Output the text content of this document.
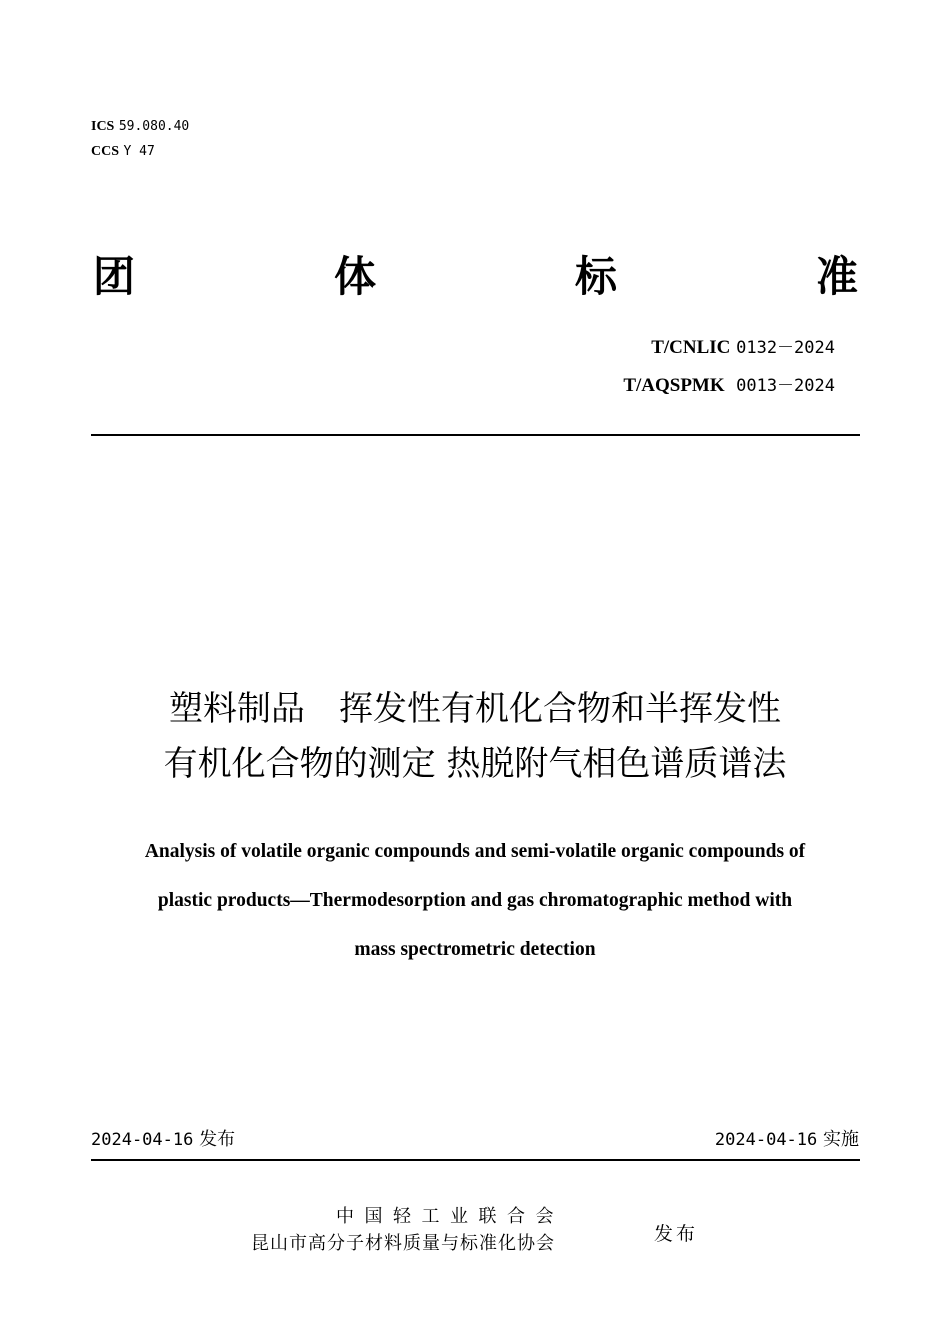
ICS 59.080.40
CCS Y 47
团	体	标	准
T/CNLIC 0132－2024
T/AQSPMK 0013－2024
塑料制品　挥发性有机化合物和半挥发性
有机化合物的测定 热脱附气相色谱质谱法
Analysis of volatile organic compounds and semi-volatile organic compounds of
plastic products—Thermodesorption and gas chromatographic method with
mass spectrometric detection
2024-04-16 发布	2024-04-16 实施
中国轻工业联合会
昆山市高分子材料质量与标准化协会	发布
